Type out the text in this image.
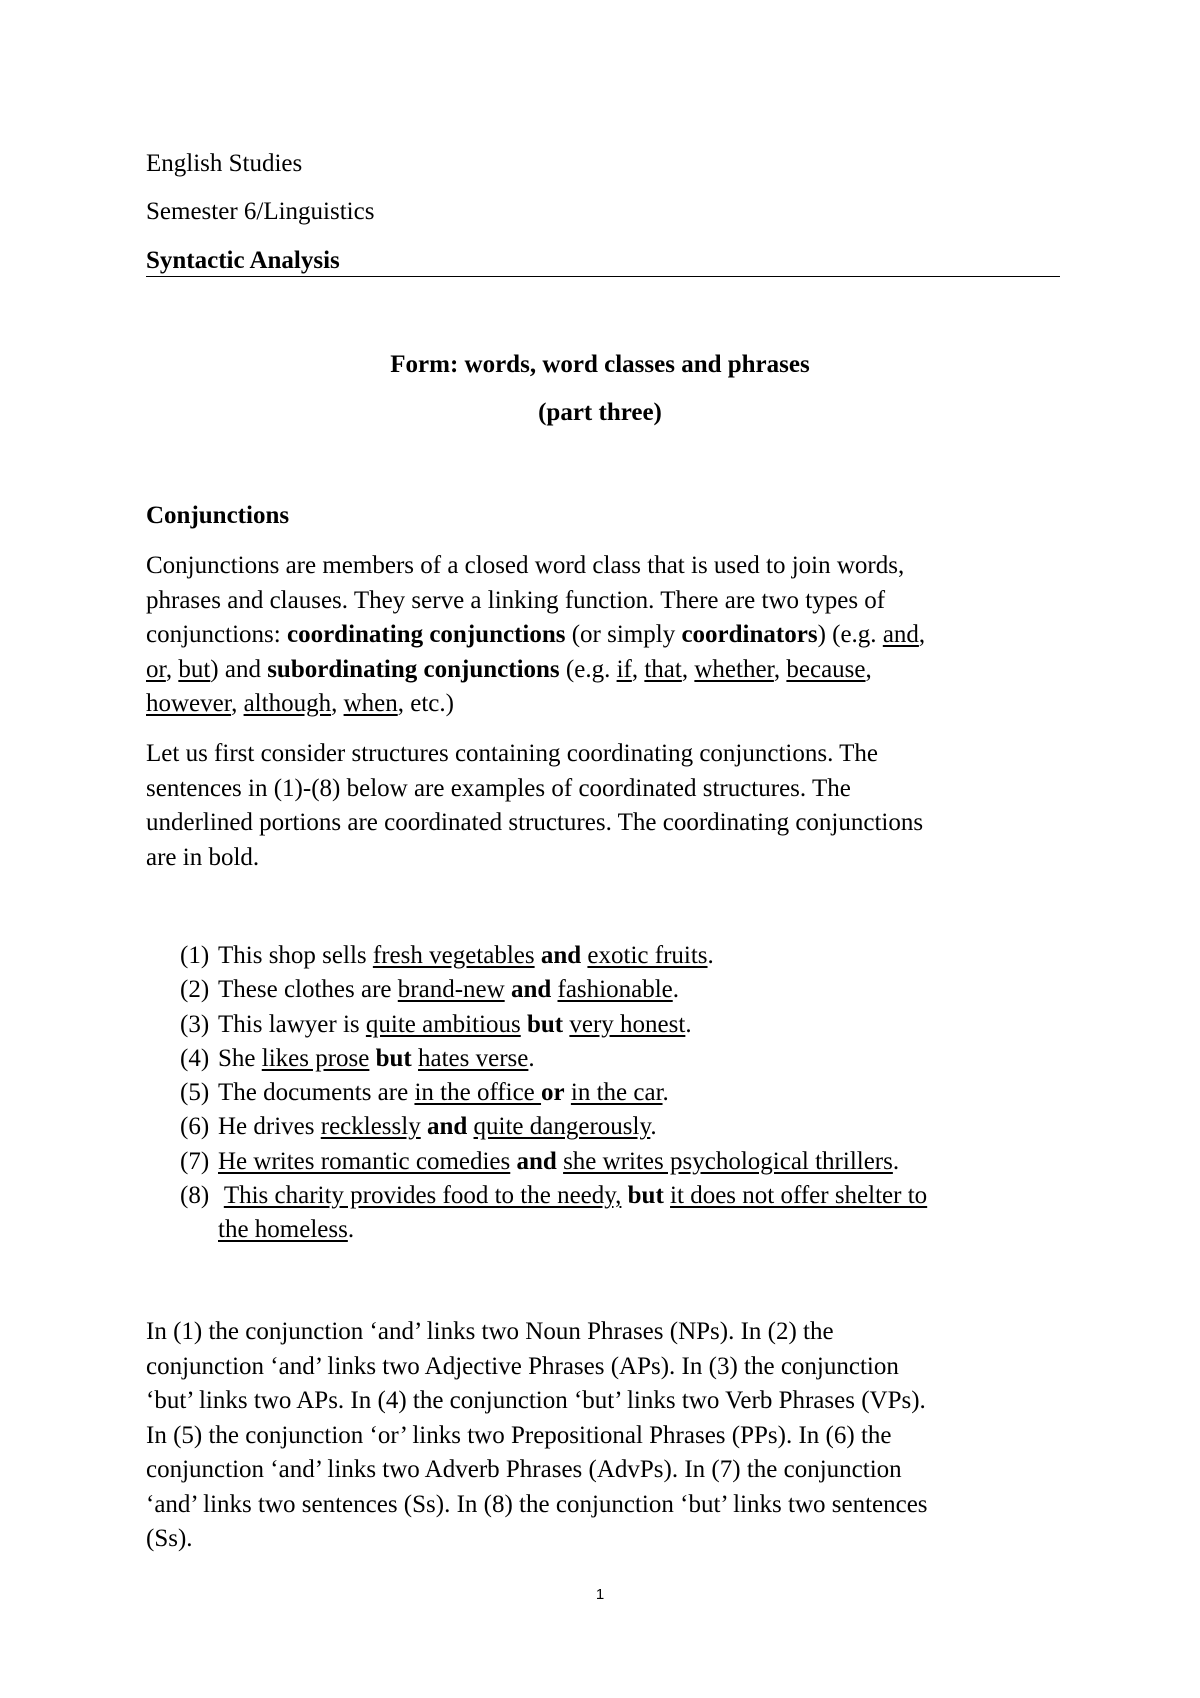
English Studies
Semester 6/Linguistics
Syntactic Analysis
Form: words, word classes and phrases
(part three)
Conjunctions
Conjunctions are members of a closed word class that is used to join words,
phrases and clauses. They serve a linking function. There are two types of
conjunctions: coordinating conjunctions (or simply coordinators) (e.g. and,
or, but) and subordinating conjunctions (e.g. if, that, whether, because,
however, although, when, etc.)
Let us first consider structures containing coordinating conjunctions. The
sentences in (1)-(8) below are examples of coordinated structures. The
underlined portions are coordinated structures. The coordinating conjunctions
are in bold.
(1) This shop sells fresh vegetables and exotic fruits.
(2) These clothes are brand-new and fashionable.
(3) This lawyer is quite ambitious but very honest.
(4) She likes prose but hates verse.
(5) The documents are in the office or in the car.
(6) He drives recklessly and quite dangerously.
(7) He writes romantic comedies and she writes psychological thrillers.
(8) This charity provides food to the needy, but it does not offer shelter to
the homeless.
In (1) the conjunction ‘and’ links two Noun Phrases (NPs). In (2) the
conjunction ‘and’ links two Adjective Phrases (APs). In (3) the conjunction
‘but’ links two APs. In (4) the conjunction ‘but’ links two Verb Phrases (VPs).
In (5) the conjunction ‘or’ links two Prepositional Phrases (PPs). In (6) the
conjunction ‘and’ links two Adverb Phrases (AdvPs). In (7) the conjunction
‘and’ links two sentences (Ss). In (8) the conjunction ‘but’ links two sentences
(Ss).
1
